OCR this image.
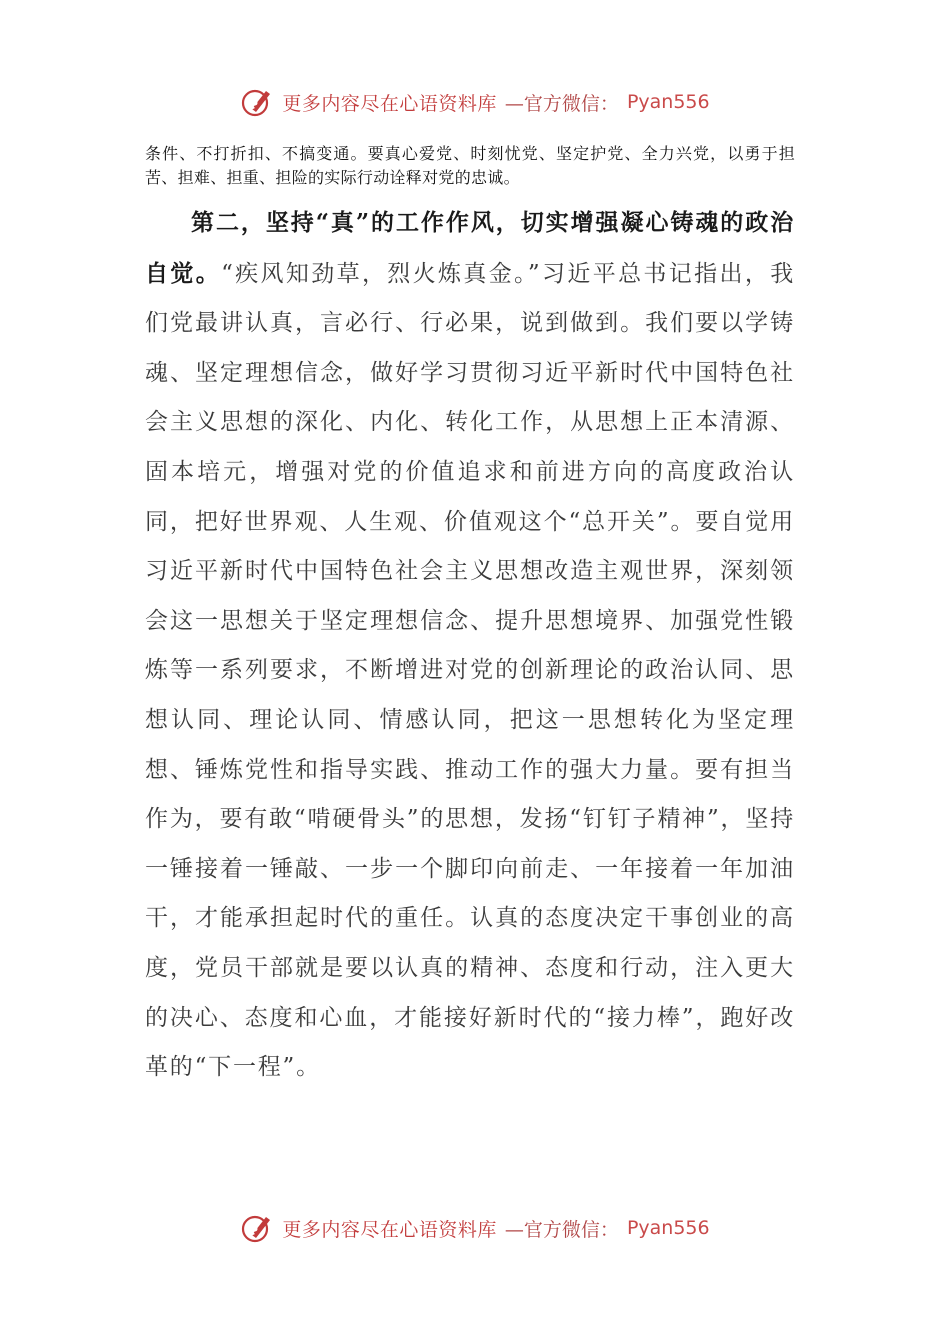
更多内容尽在心语资料库 —官方微信： Pyan556

条件、不打折扣、不搞变通。要真心爱党、时刻忧党、坚定护党、全力兴党，以勇于担苦、担难、担重、担险的实际行动诠释对党的忠诚。

第二，坚持“真”的工作作风，切实增强凝心铸魂的政治自觉。“疾风知劲草，烈火炼真金。”习近平总书记指出，我们党最讲认真，言必行、行必果，说到做到。我们要以学铸魂、坚定理想信念，做好学习贯彻习近平新时代中国特色社会主义思想的深化、内化、转化工作，从思想上正本清源、固本培元，增强对党的价值追求和前进方向的高度政治认同，把好世界观、人生观、价值观这个“总开关”。要自觉用习近平新时代中国特色社会主义思想改造主观世界，深刻领会这一思想关于坚定理想信念、提升思想境界、加强党性锻炼等一系列要求，不断增进对党的创新理论的政治认同、思想认同、理论认同、情感认同，把这一思想转化为坚定理想、锤炼党性和指导实践、推动工作的强大力量。要有担当作为，要有敢“啃硬骨头”的思想，发扬“钉钉子精神”，坚持一锤接着一锤敲、一步一个脚印向前走、一年接着一年加油干，才能承担起时代的重任。认真的态度决定干事创业的高度，党员干部就是要以认真的精神、态度和行动，注入更大的决心、态度和心血，才能接好新时代的“接力棒”，跑好改革的“下一程”。

更多内容尽在心语资料库 —官方微信： Pyan556
